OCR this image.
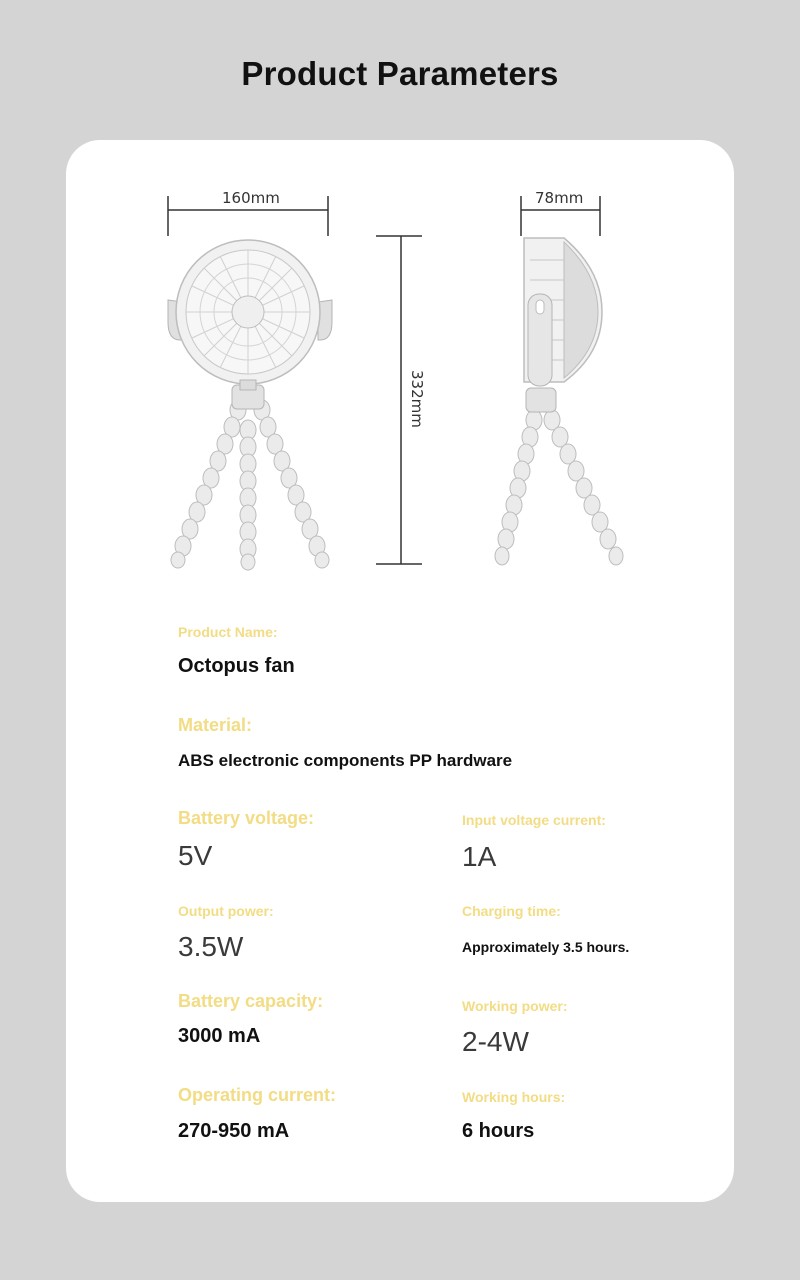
Product Parameters
160mm	78mm
332mm
Product Name:
Octopus fan
Material:
ABS electronic components PP hardware
Battery voltage:
5V
Input voltage current:
1A
Output power:
3.5W
Charging time:
Approximately 3.5 hours.
Battery capacity:
3000 mA
Working power:
2-4W
Operating current:
270-950 mA
Working hours:
6 hours
